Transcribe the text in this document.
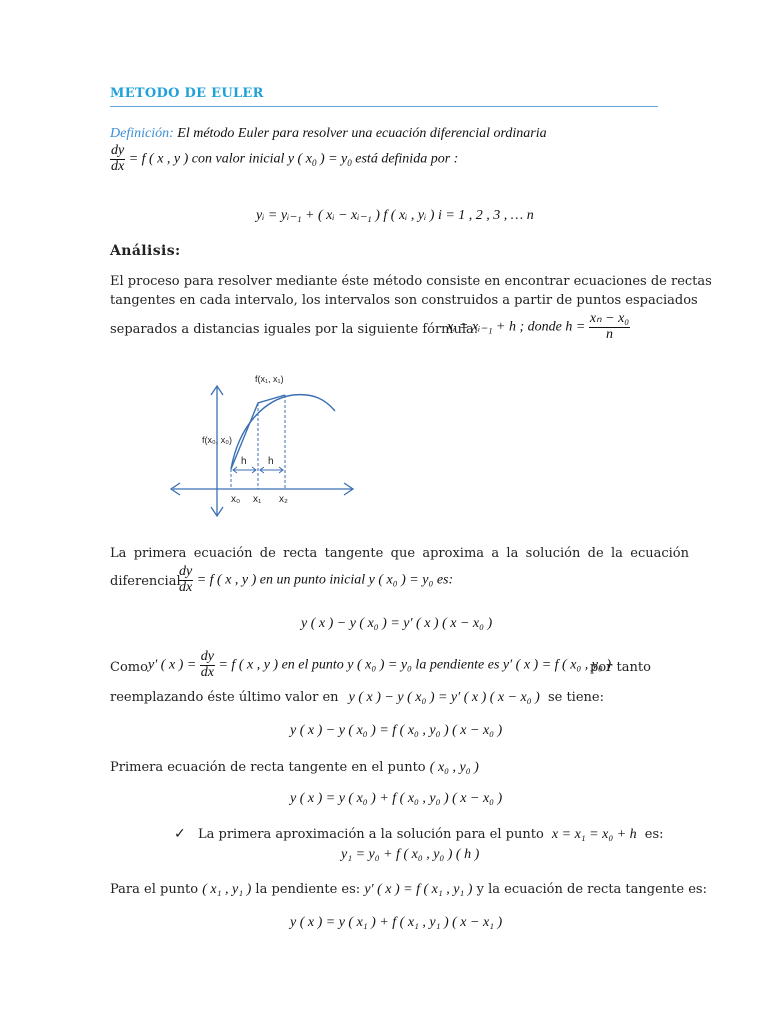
METODO DE EULER
Definición: El método Euler para resolver una ecuación diferencial ordinaria
$\frac{dy}{dx} = f$ ( x , y ) con valor inicial y ( $x_0$ ) = $y_0$ está definida por :
yᵢ = yᵢ₋₁ + ( xᵢ − xᵢ₋₁ ) f ( xᵢ , yᵢ ) i = 1 , 2 , 3 , … n
Análisis:
El proceso para resolver mediante éste método consiste en encontrar ecuaciones de rectas
tangentes en cada intervalo, los intervalos son construidos a partir de puntos espaciados
separados a distancias iguales por la siguiente fórmula:
xᵢ = xᵢ₋₁ + h ; donde $h = \frac{\text{xₙ − x₀}}{n}$
f(x₁, x₁)
f(x₀, x₀)
h h
x₀ x₁ x₂
La primera ecuación de recta tangente que aproxima a la solución de la ecuación
diferencial
$\frac{dy}{dx} = f$ ( x , y ) en un punto inicial y ( x₀ ) = y₀ es:
y ( x ) − y ( x₀ ) = y′ ( x ) ( x − x₀ )
Como y′ ( x ) = $\frac{dy}{dx} = f$ ( x , y ) en el punto y ( x₀ ) = y₀ la pendiente es y′ ( x ) = f ( x₀ , y₀ )
por tanto
reemplazando éste último valor en y ( x ) − y ( x₀ ) = y′ ( x ) ( x − x₀ ) se tiene:
y ( x ) − y ( x₀ ) = f ( x₀ , y₀ ) ( x − x₀ )
Primera ecuación de recta tangente en el punto ( x₀ , y₀ )
y ( x ) = y ( x₀ ) + f ( x₀ , y₀ ) ( x − x₀ )
✓ La primera aproximación a la solución para el punto x = x₁ = x₀ + h es:
y₁ = y₀ + f ( x₀ , y₀ ) ( h )
Para el punto ( x₁ , y₁ ) la pendiente es: y′ ( x ) = f ( x₁ , y₁ ) y la ecuación de recta tangente es:
y ( x ) = y ( x₁ ) + f ( x₁ , y₁ ) ( x − x₁ )
